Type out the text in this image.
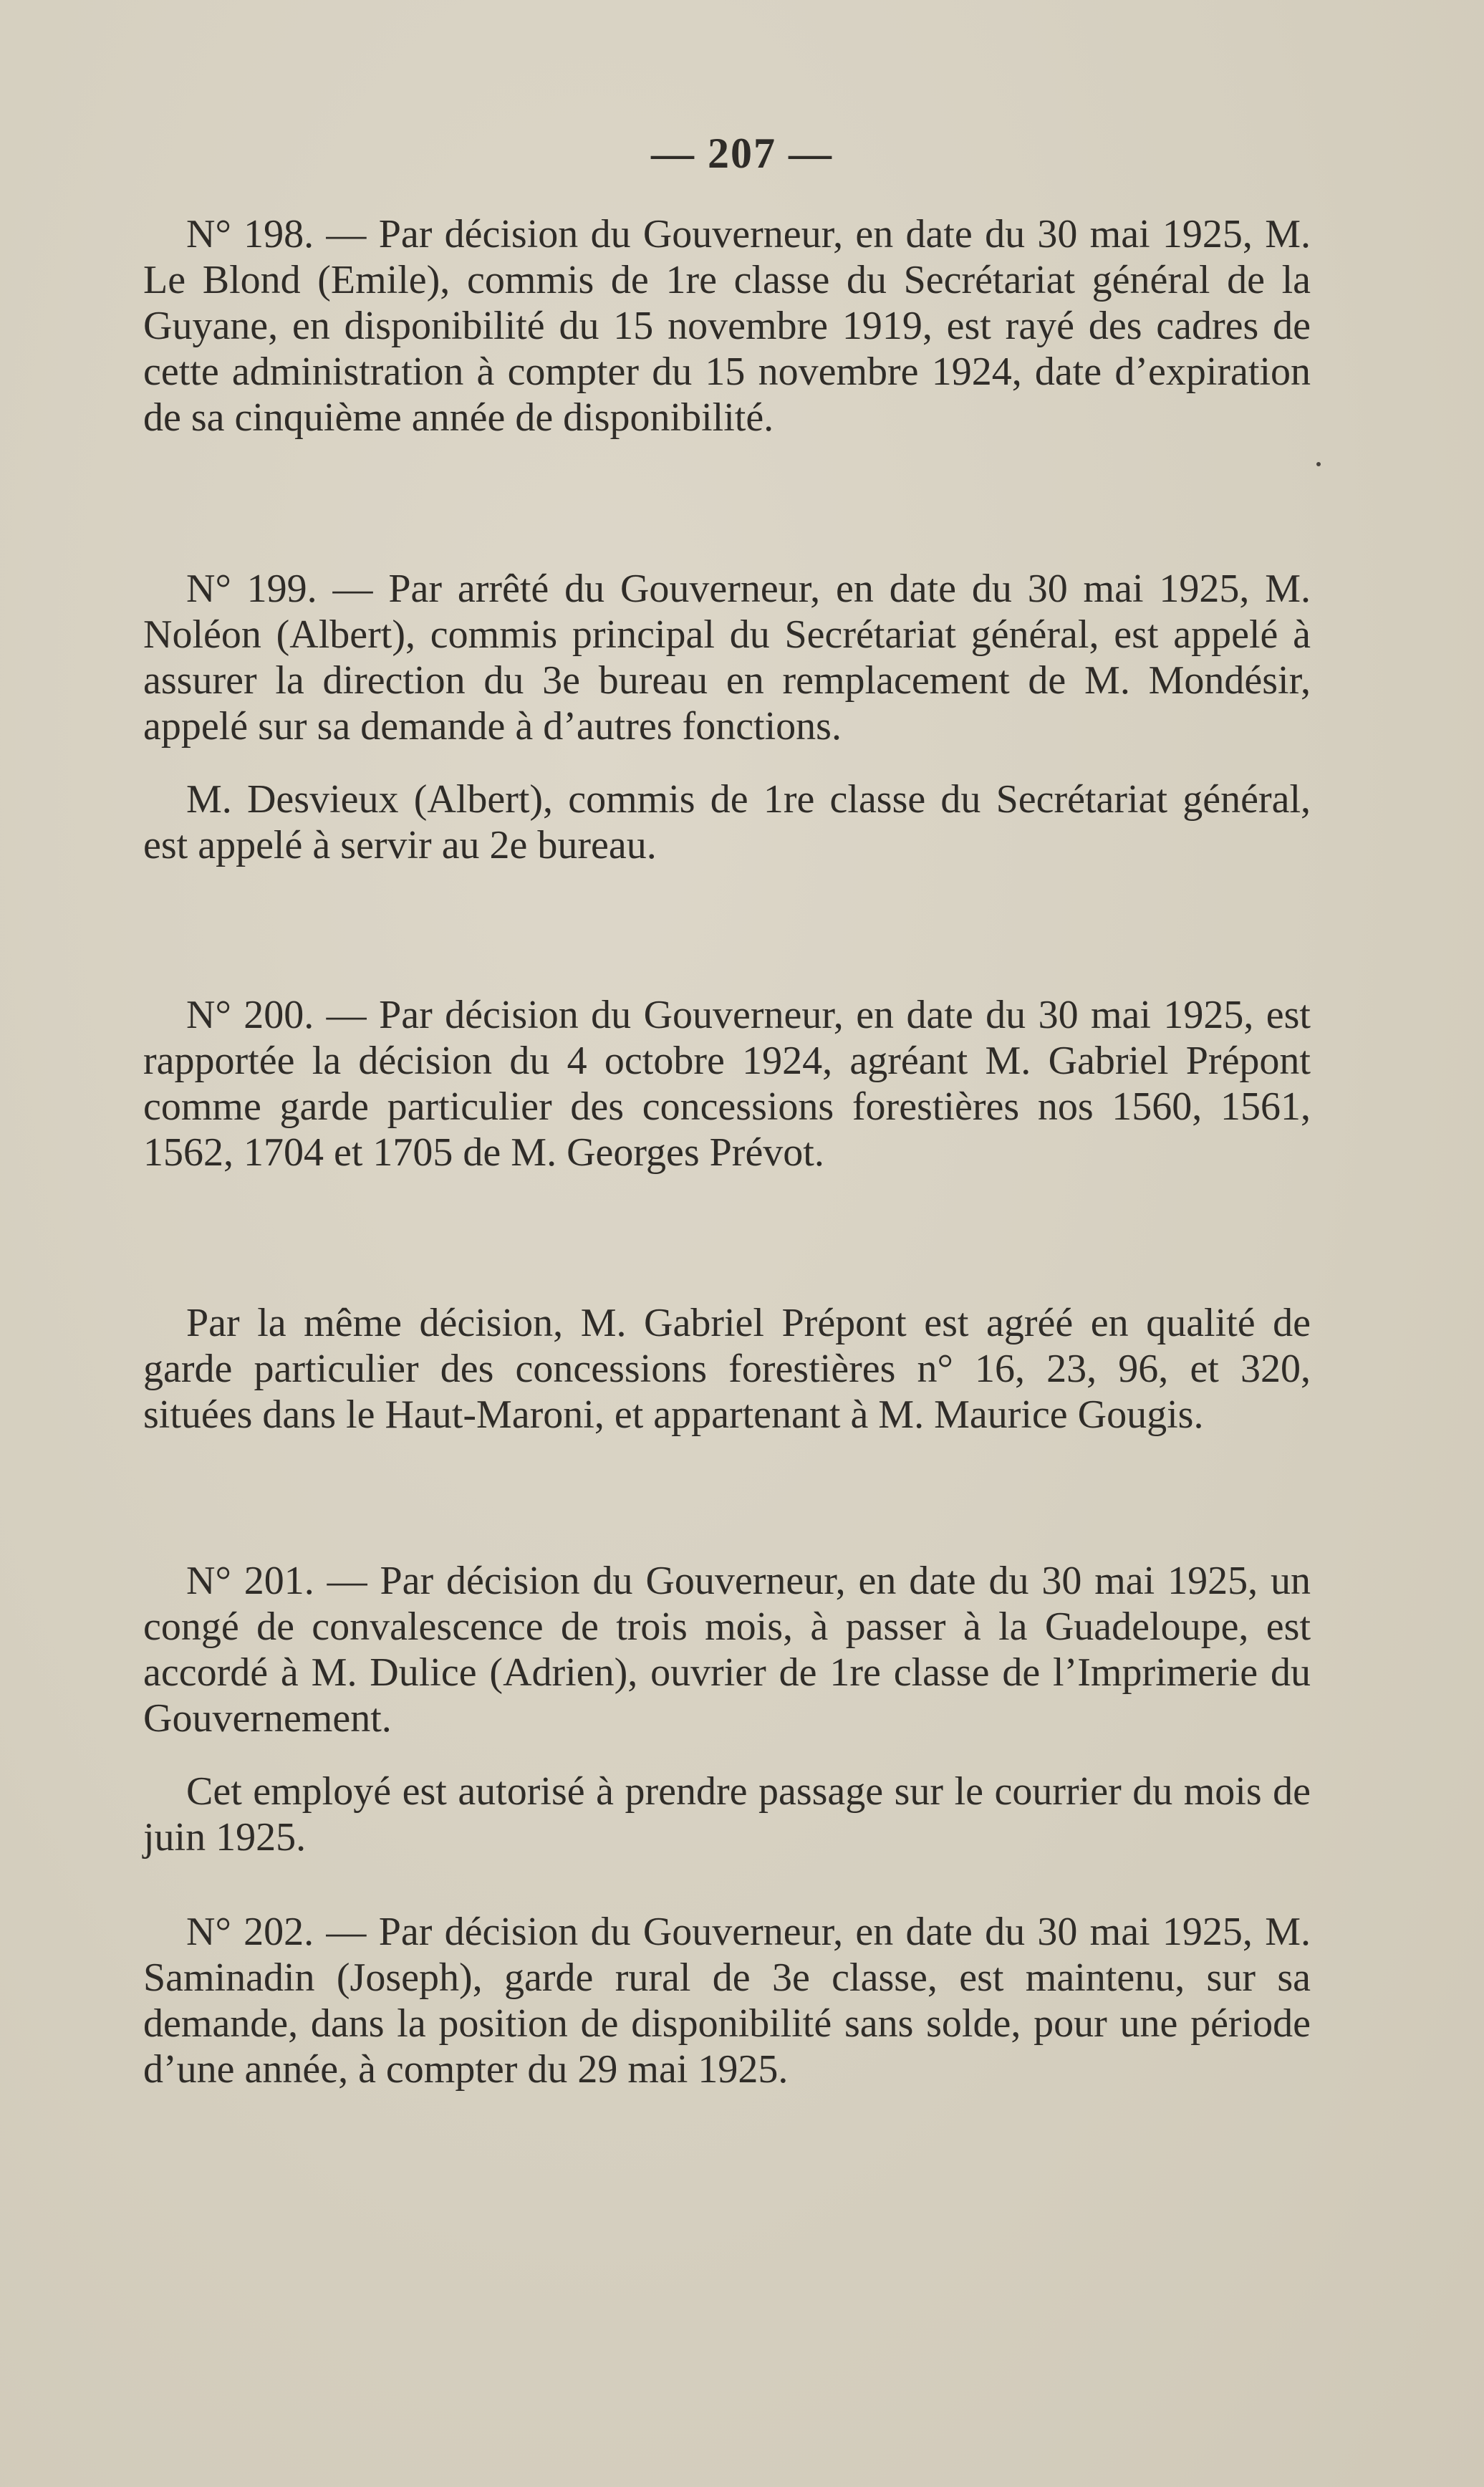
— 207 —

N° 198. — Par décision du Gouverneur, en date du 30 mai 1925, M. Le Blond (Emile), commis de 1re classe du Secrétariat général de la Guyane, en disponibilité du 15 novembre 1919, est rayé des cadres de cette administration à compter du 15 novembre 1924, date d’expiration de sa cinquième année de disponibilité.

N° 199. — Par arrêté du Gouverneur, en date du 30 mai 1925, M. Noléon (Albert), commis principal du Secrétariat général, est appelé à assurer la direction du 3e bureau en remplacement de M. Mondésir, appelé sur sa demande à d’autres fonctions.

M. Desvieux (Albert), commis de 1re classe du Secrétariat général, est appelé à servir au 2e bureau.

N° 200. — Par décision du Gouverneur, en date du 30 mai 1925, est rapportée la décision du 4 octobre 1924, agréant M. Gabriel Prépont comme garde particulier des concessions forestières nos 1560, 1561, 1562, 1704 et 1705 de M. Georges Prévot.

Par la même décision, M. Gabriel Prépont est agréé en qualité de garde particulier des concessions forestières n° 16, 23, 96, et 320, situées dans le Haut-Maroni, et appartenant à M. Maurice Gougis.

N° 201. — Par décision du Gouverneur, en date du 30 mai 1925, un congé de convalescence de trois mois, à passer à la Guadeloupe, est accordé à M. Dulice (Adrien), ouvrier de 1re classe de l’Imprimerie du Gouvernement.

Cet employé est autorisé à prendre passage sur le courrier du mois de juin 1925.

N° 202. — Par décision du Gouverneur, en date du 30 mai 1925, M. Saminadin (Joseph), garde rural de 3e classe, est maintenu, sur sa demande, dans la position de disponibilité sans solde, pour une période d’une année, à compter du 29 mai 1925.
